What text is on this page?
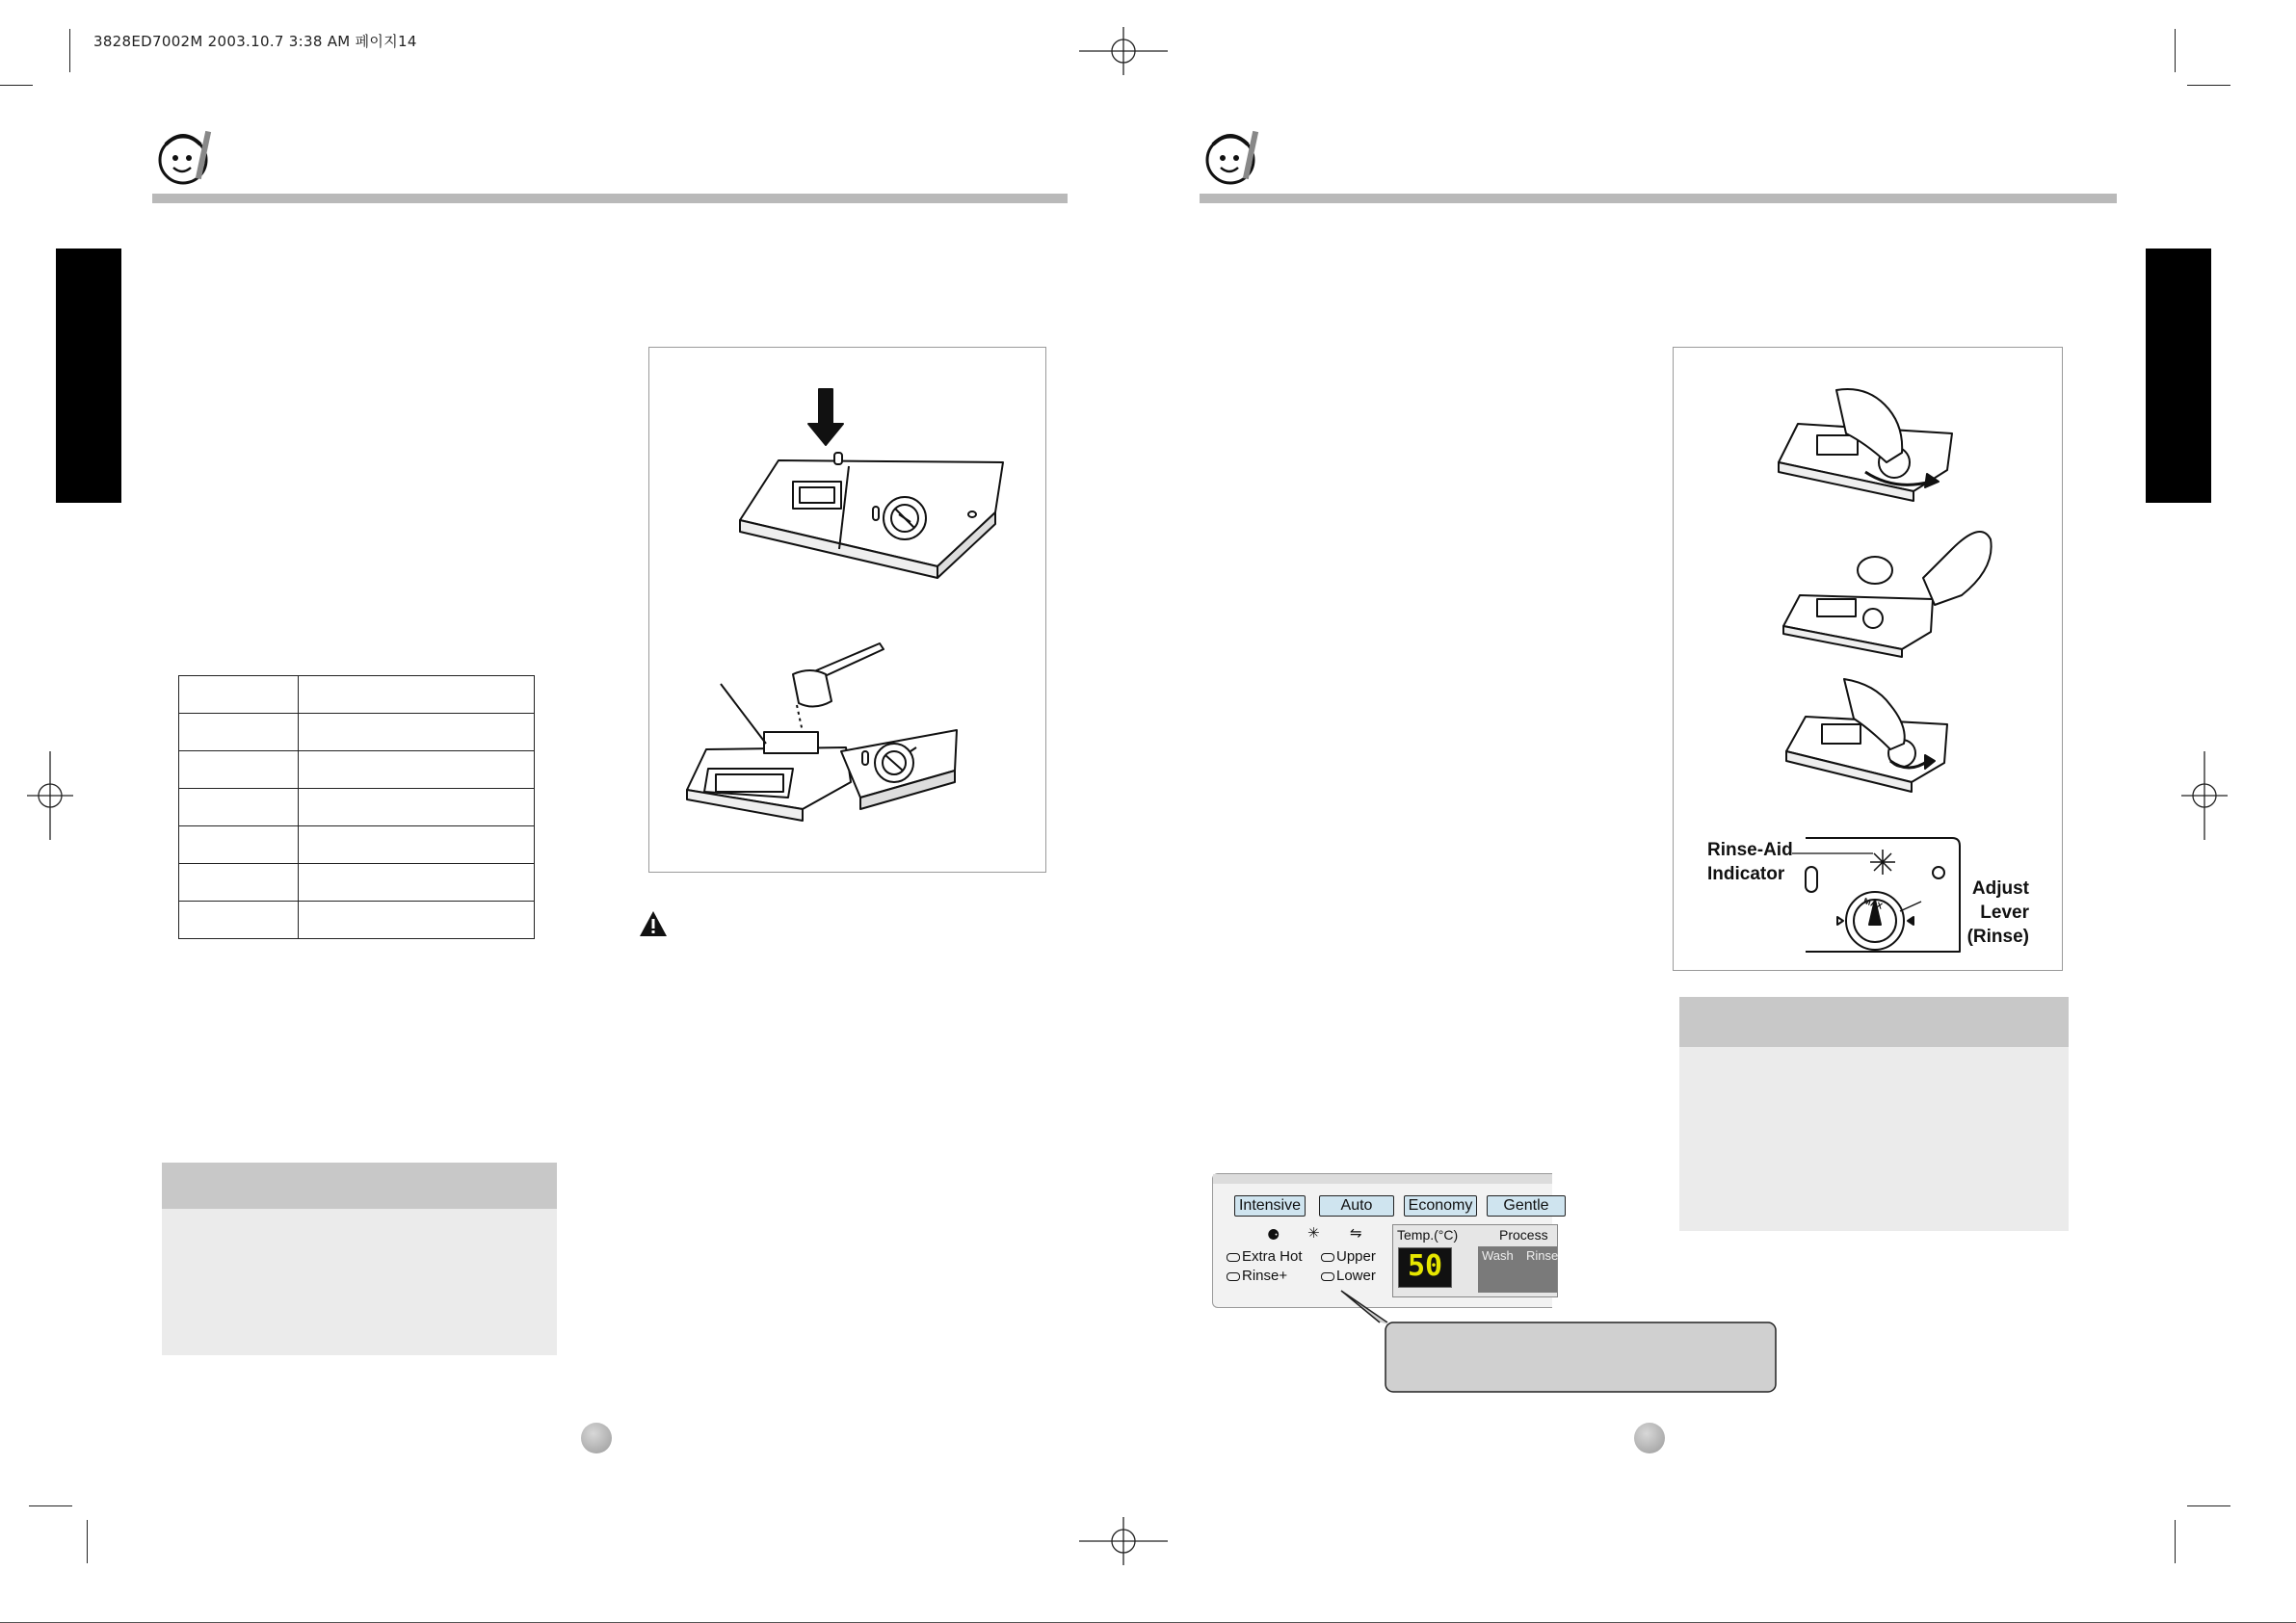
3828ED7002M 2003.10.7 3:38 AM 페이지14

Rinse-Aid
Indicator
Adjust Lever
(Rinse)
MAX
Intensive	Auto	Economy	Gentle
⚈ ✳ ⇋
Extra Hot
Rinse+
Upper
Lower
Temp.(°C)	Process
Wash Rinse
50
